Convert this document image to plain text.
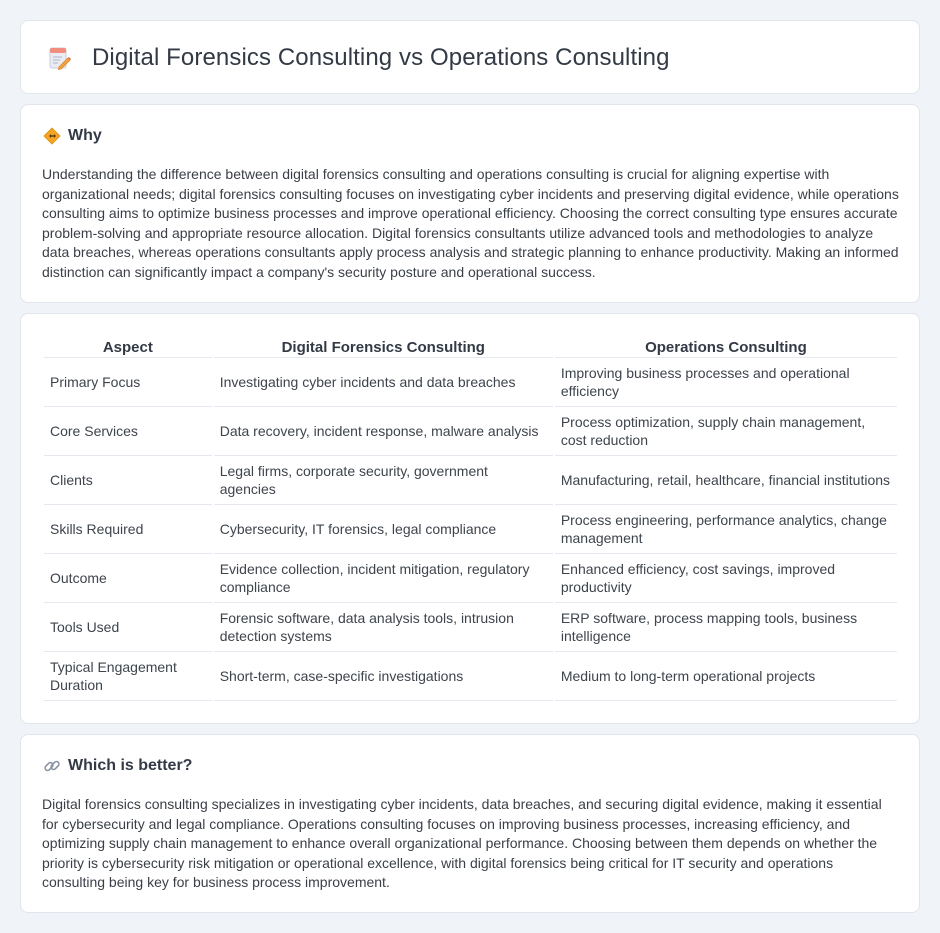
Digital Forensics Consulting vs Operations Consulting
Why

Understanding the difference between digital forensics consulting and operations consulting is crucial for aligning expertise with organizational needs; digital forensics consulting focuses on investigating cyber incidents and preserving digital evidence, while operations consulting aims to optimize business processes and improve operational efficiency. Choosing the correct consulting type ensures accurate problem-solving and appropriate resource allocation. Digital forensics consultants utilize advanced tools and methodologies to analyze data breaches, whereas operations consultants apply process analysis and strategic planning to enhance productivity. Making an informed distinction can significantly impact a company's security posture and operational success.

Aspect	Digital Forensics Consulting	Operations Consulting
Primary Focus	Investigating cyber incidents and data breaches	Improving business processes and operational efficiency
Core Services	Data recovery, incident response, malware analysis	Process optimization, supply chain management, cost reduction
Clients	Legal firms, corporate security, government agencies	Manufacturing, retail, healthcare, financial institutions
Skills Required	Cybersecurity, IT forensics, legal compliance	Process engineering, performance analytics, change management
Outcome	Evidence collection, incident mitigation, regulatory compliance	Enhanced efficiency, cost savings, improved productivity
Tools Used	Forensic software, data analysis tools, intrusion detection systems	ERP software, process mapping tools, business intelligence
Typical Engagement Duration	Short-term, case-specific investigations	Medium to long-term operational projects
Which is better?

Digital forensics consulting specializes in investigating cyber incidents, data breaches, and securing digital evidence, making it essential for cybersecurity and legal compliance. Operations consulting focuses on improving business processes, increasing efficiency, and optimizing supply chain management to enhance overall organizational performance. Choosing between them depends on whether the priority is cybersecurity risk mitigation or operational excellence, with digital forensics being critical for IT security and operations consulting being key for business process improvement.
